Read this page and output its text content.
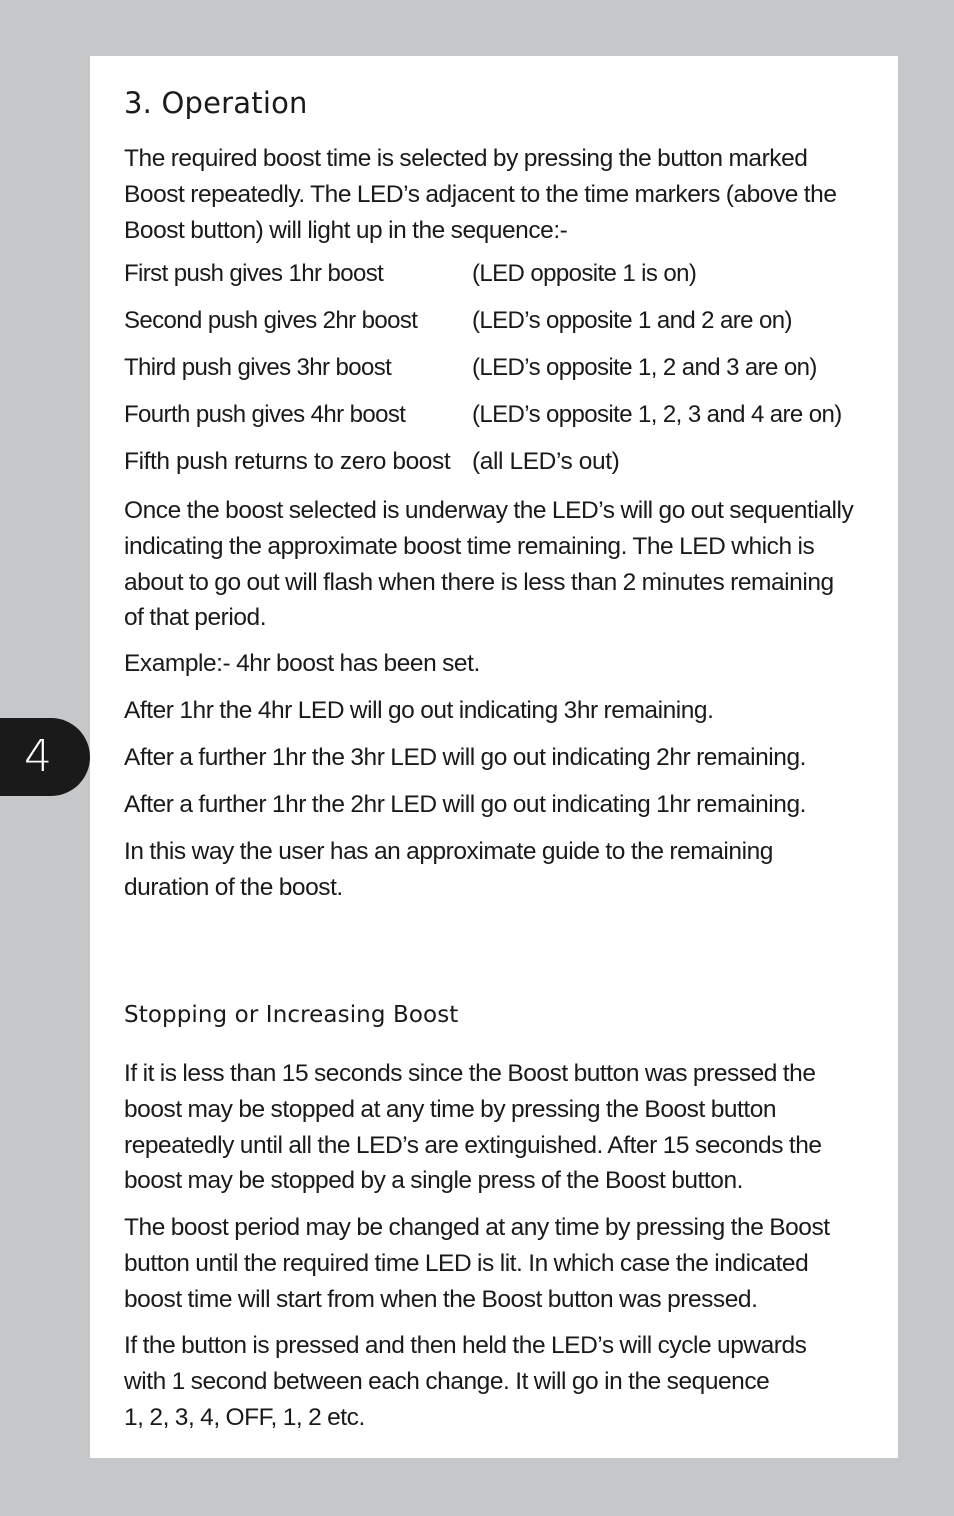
4
3. Operation

The required boost time is selected by pressing the button marked
Boost repeatedly. The LED’s adjacent to the time markers (above the
Boost button) will light up in the sequence:-

First push gives 1hr boost	(LED opposite 1 is on)
Second push gives 2hr boost (LED’s opposite 1 and 2 are on)
Third push gives 3hr boost	(LED’s opposite 1, 2 and 3 are on)
Fourth push gives 4hr boost	(LED’s opposite 1, 2, 3 and 4 are on)
Fifth push returns to zero boost (all LED’s out)

Once the boost selected is underway the LED’s will go out sequentially
indicating the approximate boost time remaining. The LED which is
about to go out will flash when there is less than 2 minutes remaining
of that period.

Example:- 4hr boost has been set.

After 1hr the 4hr LED will go out indicating 3hr remaining.

After a further 1hr the 3hr LED will go out indicating 2hr remaining.

After a further 1hr the 2hr LED will go out indicating 1hr remaining.

In this way the user has an approximate guide to the remaining
duration of the boost.

Stopping or Increasing Boost

If it is less than 15 seconds since the Boost button was pressed the
boost may be stopped at any time by pressing the Boost button
repeatedly until all the LED’s are extinguished. After 15 seconds the
boost may be stopped by a single press of the Boost button.

The boost period may be changed at any time by pressing the Boost
button until the required time LED is lit. In which case the indicated
boost time will start from when the Boost button was pressed.

If the button is pressed and then held the LED’s will cycle upwards
with 1 second between each change. It will go in the sequence
1, 2, 3, 4, OFF, 1, 2 etc.
